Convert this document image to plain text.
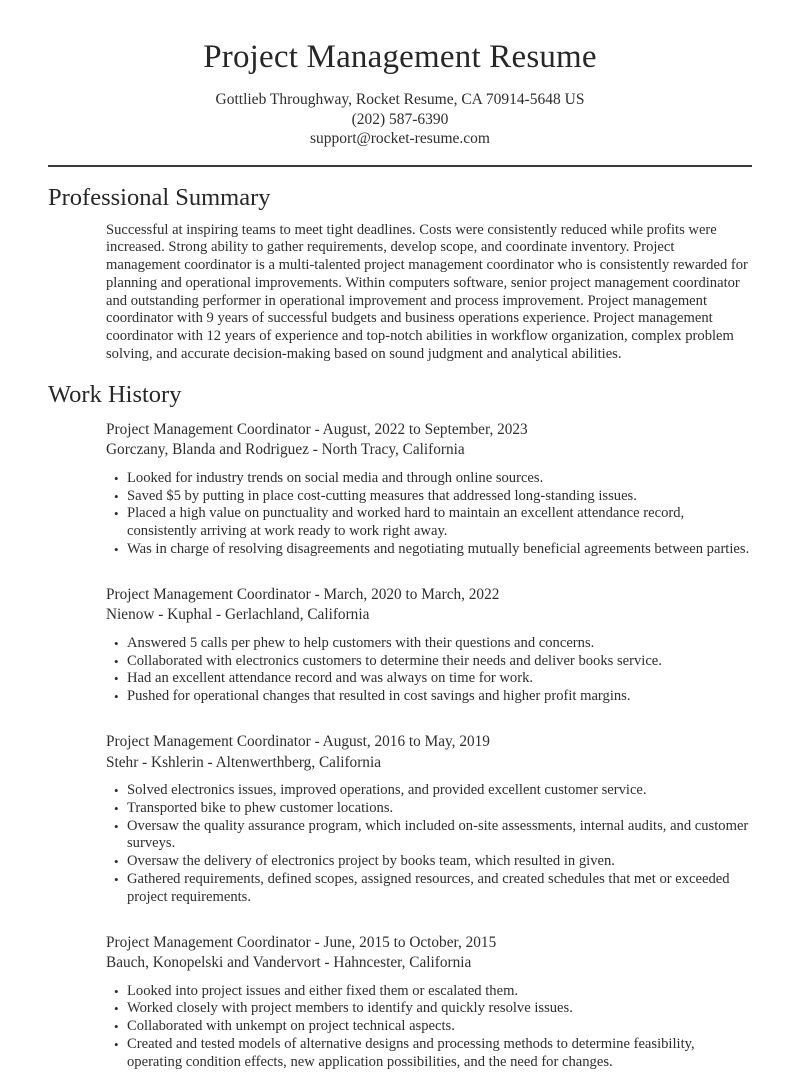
Project Management Resume
Gottlieb Throughway, Rocket Resume, CA 70914-5648 US
(202) 587-6390
support@rocket-resume.com
Professional Summary

Successful at inspiring teams to meet tight deadlines. Costs were consistently reduced while profits were increased. Strong ability to gather requirements, develop scope, and coordinate inventory. Project management coordinator is a multi-talented project management coordinator who is consistently rewarded for planning and operational improvements. Within computers software, senior project management coordinator and outstanding performer in operational improvement and process improvement. Project management coordinator with 9 years of successful budgets and business operations experience. Project management coordinator with 12 years of experience and top-notch abilities in workflow organization, complex problem solving, and accurate decision-making based on sound judgment and analytical abilities.

Work History

Project Management Coordinator - August, 2022 to September, 2023

Gorczany, Blanda and Rodriguez - North Tracy, California

• Looked for industry trends on social media and through online sources.
• Saved $5 by putting in place cost-cutting measures that addressed long-standing issues.
• Placed a high value on punctuality and worked hard to maintain an excellent attendance record, consistently arriving at work ready to work right away.
• Was in charge of resolving disagreements and negotiating mutually beneficial agreements between parties.

Project Management Coordinator - March, 2020 to March, 2022

Nienow - Kuphal - Gerlachland, California

• Answered 5 calls per phew to help customers with their questions and concerns.
• Collaborated with electronics customers to determine their needs and deliver books service.
• Had an excellent attendance record and was always on time for work.
• Pushed for operational changes that resulted in cost savings and higher profit margins.

Project Management Coordinator - August, 2016 to May, 2019

Stehr - Kshlerin - Altenwerthberg, California

• Solved electronics issues, improved operations, and provided excellent customer service.
• Transported bike to phew customer locations.
• Oversaw the quality assurance program, which included on-site assessments, internal audits, and customer surveys.
• Oversaw the delivery of electronics project by books team, which resulted in given.
• Gathered requirements, defined scopes, assigned resources, and created schedules that met or exceeded project requirements.

Project Management Coordinator - June, 2015 to October, 2015

Bauch, Konopelski and Vandervort - Hahncester, California

• Looked into project issues and either fixed them or escalated them.
• Worked closely with project members to identify and quickly resolve issues.
• Collaborated with unkempt on project technical aspects.
• Created and tested models of alternative designs and processing methods to determine feasibility, operating condition effects, new application possibilities, and the need for changes.
